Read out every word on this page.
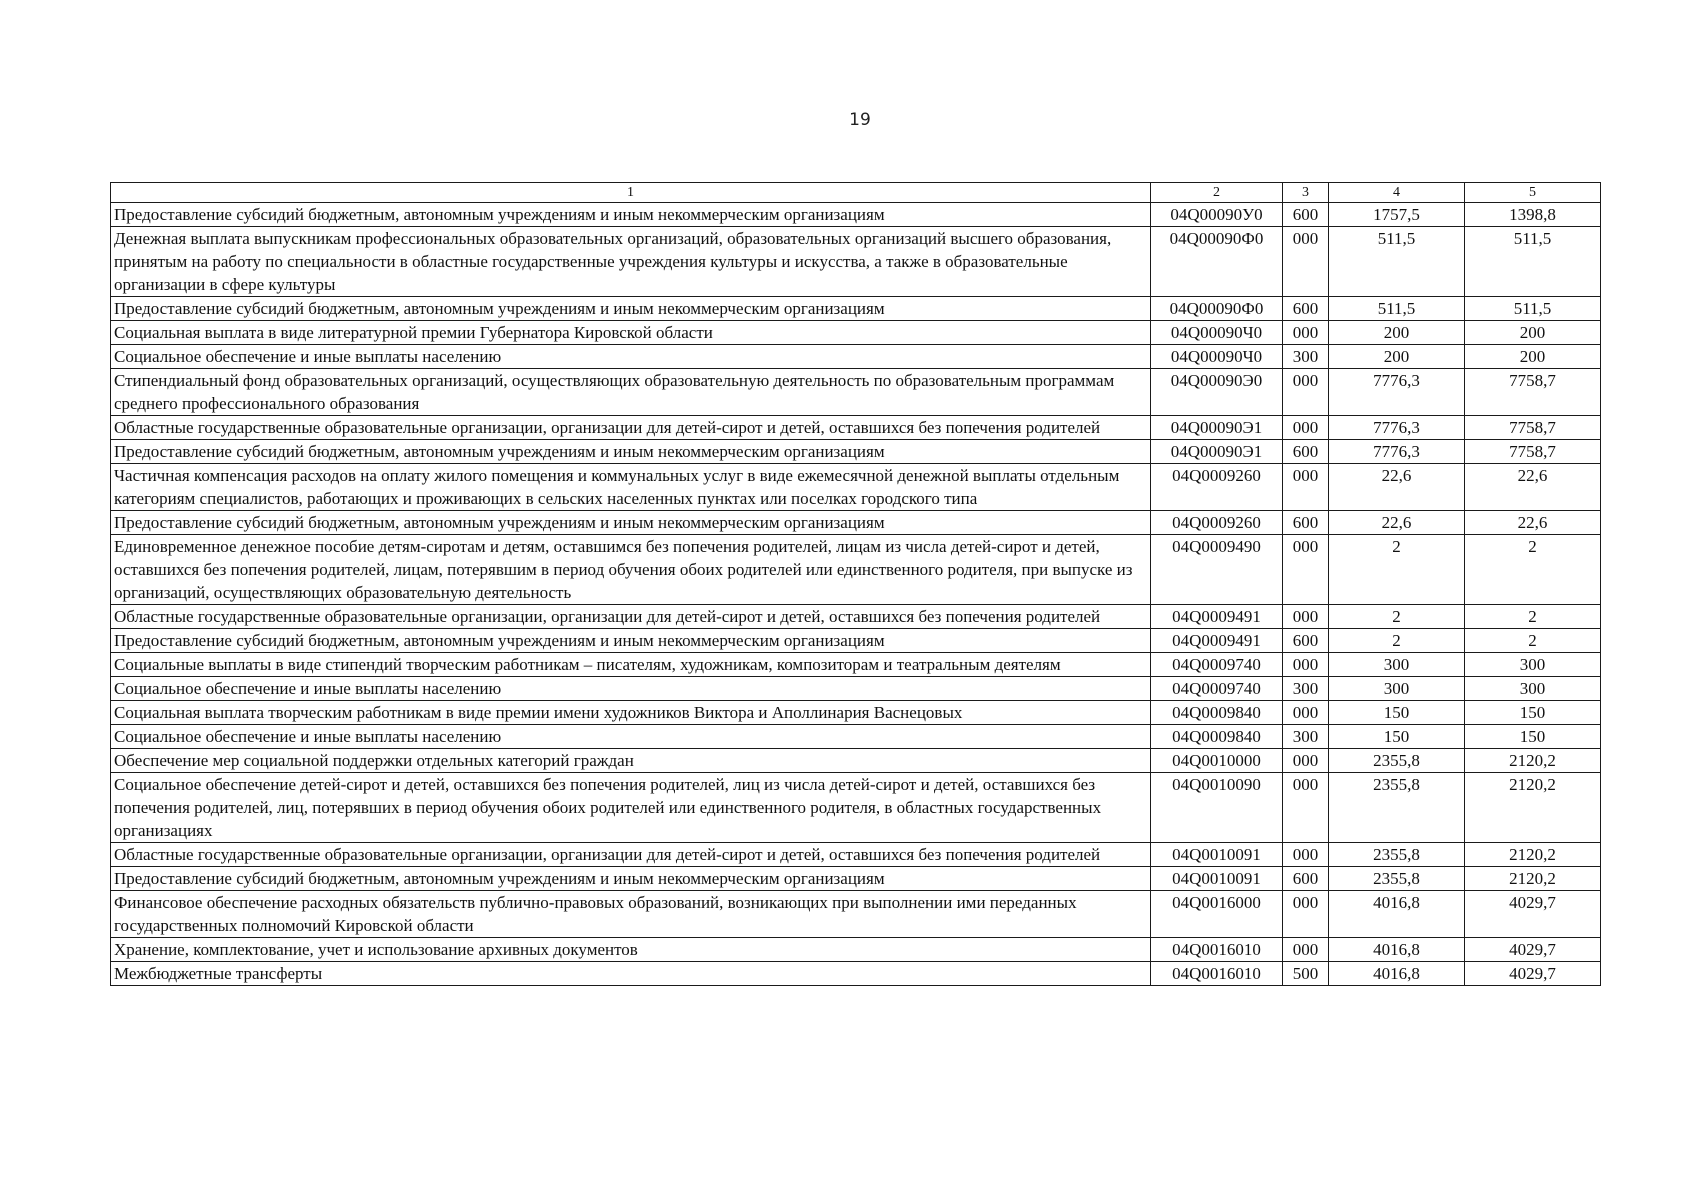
19
1	2	3	4	5
Предоставление субсидий бюджетным, автономным учреждениям и иным некоммерческим организациям	04Q00090У0	600	1757,5	1398,8
Денежная выплата выпускникам профессиональных образовательных организаций, образовательных организаций высшего образования, принятым на работу по специальности в областные государственные учреждения культуры и искусства, а также в образовательные организации в сфере культуры	04Q00090Ф0	000	511,5	511,5
Предоставление субсидий бюджетным, автономным учреждениям и иным некоммерческим организациям	04Q00090Ф0	600	511,5	511,5
Социальная выплата в виде литературной премии Губернатора Кировской области	04Q00090Ч0	000	200	200
Социальное обеспечение и иные выплаты населению	04Q00090Ч0	300	200	200
Стипендиальный фонд образовательных организаций, осуществляющих образовательную деятельность по образовательным программам среднего профессионального образования	04Q00090Э0	000	7776,3	7758,7
Областные государственные образовательные организации, организации для детей-сирот и детей, оставшихся без попечения родителей	04Q00090Э1	000	7776,3	7758,7
Предоставление субсидий бюджетным, автономным учреждениям и иным некоммерческим организациям	04Q00090Э1	600	7776,3	7758,7
Частичная компенсация расходов на оплату жилого помещения и коммунальных услуг в виде ежемесячной денежной выплаты отдельным категориям специалистов, работающих и проживающих в сельских населенных пунктах или поселках городского типа	04Q0009260	000	22,6	22,6
Предоставление субсидий бюджетным, автономным учреждениям и иным некоммерческим организациям	04Q0009260	600	22,6	22,6
Единовременное денежное пособие детям-сиротам и детям, оставшимся без попечения родителей, лицам из числа детей-сирот и детей, оставшихся без попечения родителей, лицам, потерявшим в период обучения обоих родителей или единственного родителя, при выпуске из организаций, осуществляющих образовательную деятельность	04Q0009490	000	2	2
Областные государственные образовательные организации, организации для детей-сирот и детей, оставшихся без попечения родителей	04Q0009491	000	2	2
Предоставление субсидий бюджетным, автономным учреждениям и иным некоммерческим организациям	04Q0009491	600	2	2
Социальные выплаты в виде стипендий творческим работникам – писателям, художникам, композиторам и театральным деятелям	04Q0009740	000	300	300
Социальное обеспечение и иные выплаты населению	04Q0009740	300	300	300
Социальная выплата творческим работникам в виде премии имени художников Виктора и Аполлинария Васнецовых	04Q0009840	000	150	150
Социальное обеспечение и иные выплаты населению	04Q0009840	300	150	150
Обеспечение мер социальной поддержки отдельных категорий граждан	04Q0010000	000	2355,8	2120,2
Социальное обеспечение детей-сирот и детей, оставшихся без попечения родителей, лиц из числа детей-сирот и детей, оставшихся без попечения родителей, лиц, потерявших в период обучения обоих родителей или единственного родителя, в областных государственных организациях	04Q0010090	000	2355,8	2120,2
Областные государственные образовательные организации, организации для детей-сирот и детей, оставшихся без попечения родителей	04Q0010091	000	2355,8	2120,2
Предоставление субсидий бюджетным, автономным учреждениям и иным некоммерческим организациям	04Q0010091	600	2355,8	2120,2
Финансовое обеспечение расходных обязательств публично-правовых образований, возникающих при выполнении ими переданных государственных полномочий Кировской области	04Q0016000	000	4016,8	4029,7
Хранение, комплектование, учет и использование архивных документов	04Q0016010	000	4016,8	4029,7
Межбюджетные трансферты	04Q0016010	500	4016,8	4029,7
